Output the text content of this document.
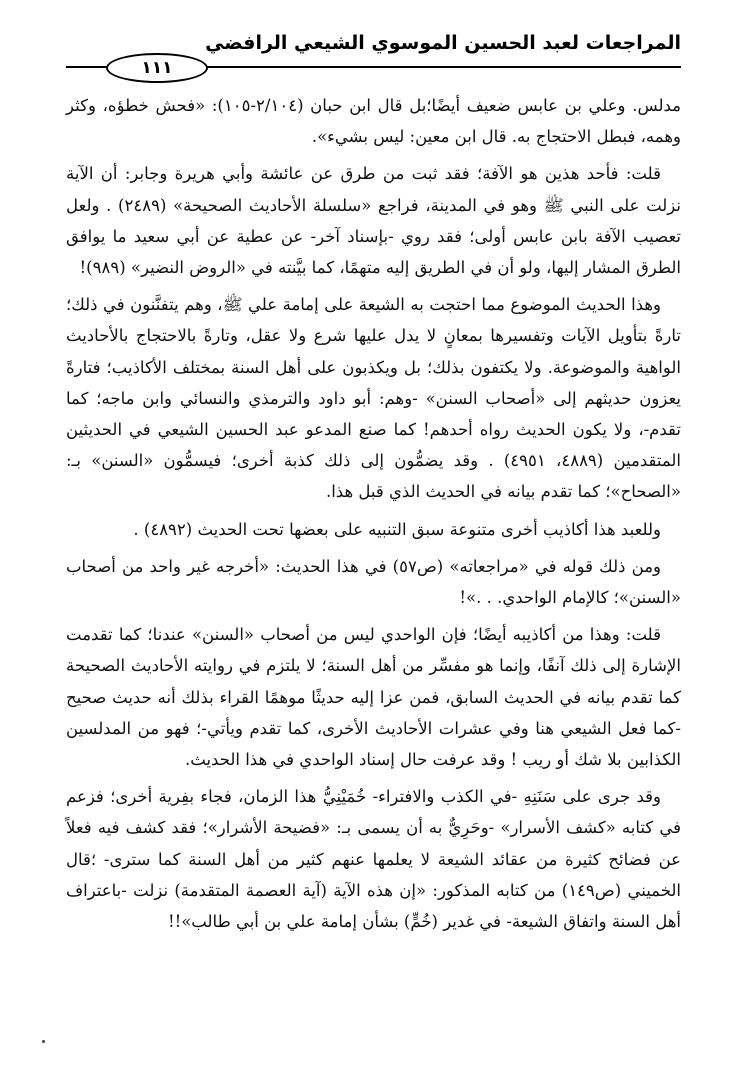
المراجعات لعبد الحسين الموسوي الشيعي الرافضي
١١١

مدلس. وعلي بن عابس ضعيف أيضًا؛بل قال ابن حبان (٢/١٠٤-١٠٥): «فحش خطؤه، وكثر وهمه، فبطل الاحتجاج به. قال ابن معين: ليس بشيء».

قلت: فأحد هذين هو الآفة؛ فقد ثبت من طرق عن عائشة وأبي هريرة وجابر: أن الآية نزلت على النبي ﷺ وهو في المدينة، فراجع «سلسلة الأحاديث الصحيحة» (٢٤٨٩) . ولعل تعصيب الآفة بابن عابس أولى؛ فقد روي -بإسناد آخر- عن عطية عن أبي سعيد ما يوافق الطرق المشار إليها، ولو أن في الطريق إليه متهمًا، كما بيَّنته في «الروض النضير» (٩٨٩)!

وهذا الحديث الموضوع مما احتجت به الشيعة على إمامة علي ﷺ، وهم يتفنَّنون في ذلك؛ تارةً بتأويل الآيات وتفسيرها بمعانٍ لا يدل عليها شرع ولا عقل، وتارةً بالاحتجاج بالأحاديث الواهية والموضوعة. ولا يكتفون بذلك؛ بل ويكذبون على أهل السنة بمختلف الأكاذيب؛ فتارةً يعزون حديثهم إلى «أصحاب السنن» -وهم: أبو داود والترمذي والنسائي وابن ماجه؛ كما تقدم-، ولا يكون الحديث رواه أحدهم! كما صنع المدعو عبد الحسين الشيعي في الحديثين المتقدمين (٤٨٨٩، ٤٩٥١) . وقد يضمُّون إلى ذلك كذبة أخرى؛ فيسمُّون «السنن» بـ: «الصحاح»؛ كما تقدم بيانه في الحديث الذي قبل هذا.

وللعبد هذا أكاذيب أخرى متنوعة سبق التنبيه على بعضها تحت الحديث (٤٨٩٢) .

ومن ذلك قوله في «مراجعاته» (ص٥٧) في هذا الحديث: «أخرجه غير واحد من أصحاب «السنن»؛ كالإمام الواحدي. . .»!

قلت: وهذا من أكاذيبه أيضًا؛ فإن الواحدي ليس من أصحاب «السنن» عندنا؛ كما تقدمت الإشارة إلى ذلك آنفًا، وإنما هو مفسِّر من أهل السنة؛ لا يلتزم في روايته الأحاديث الصحيحة كما تقدم بيانه في الحديث السابق، فمن عزا إليه حديثًا موهمًا القراء بذلك أنه حديث صحيح -كما فعل الشيعي هنا وفي عشرات الأحاديث الأخرى، كما تقدم ويأتي-؛ فهو من المدلسين الكذابين بلا شك أو ريب ! وقد عرفت حال إسناد الواحدي في هذا الحديث.

وقد جرى على سَنَنِهِ -في الكذب والافتراء- خُمَيْنِيُّ هذا الزمان، فجاء بفِرية أخرى؛ فزعم في كتابه «كشف الأسرار» -وحَرِيٌّ به أن يسمى بـ: «فضيحة الأشرار»؛ فقد كشف فيه فعلاً عن فضائح كثيرة من عقائد الشيعة لا يعلمها عنهم كثير من أهل السنة كما سترى- ؛قال الخميني (ص١٤٩) من كتابه المذكور: «إن هذه الآية (آية العصمة المتقدمة) نزلت -باعتراف أهل السنة واتفاق الشيعة- في غدير (خُمٍّ) بشأن إمامة علي بن أبي طالب»!!
